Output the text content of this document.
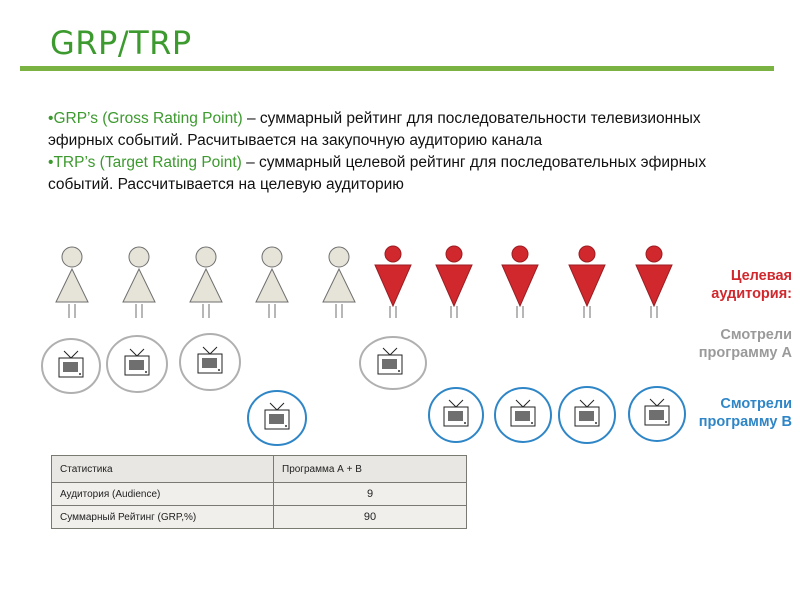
GRP/TRP

•GRP’s (Gross Rating Point) – суммарный рейтинг для последовательности телевизионных эфирных событий. Расчитывается на закупочную аудиторию канала

•TRP’s (Target Rating Point) – суммарный целевой рейтинг для последовательных эфирных событий. Рассчитывается на целевую аудиторию

Целевая
аудитория:
Смотрели
программу А
Смотрели
программу В
Статистика	Программа А + В
Аудитория (Audience)	9
Суммарный Рейтинг (GRP,%)	90
